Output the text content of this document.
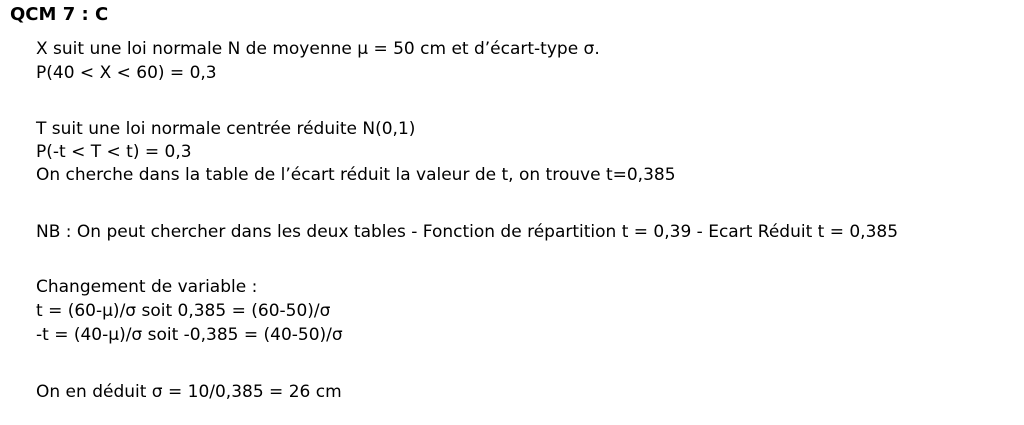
QCM 7 : C
X suit une loi normale N de moyenne μ = 50 cm et d’écart-type σ.
P(40 < X < 60) = 0,3
T suit une loi normale centrée réduite N(0,1)
P(-t < T < t) = 0,3
On cherche dans la table de l’écart réduit la valeur de t, on trouve t=0,385
NB : On peut chercher dans les deux tables - Fonction de répartition t = 0,39 - Ecart Réduit t = 0,385
Changement de variable :
t = (60-μ)/σ soit 0,385 = (60-50)/σ
-t = (40-μ)/σ soit -0,385 = (40-50)/σ
On en déduit σ = 10/0,385 = 26 cm
